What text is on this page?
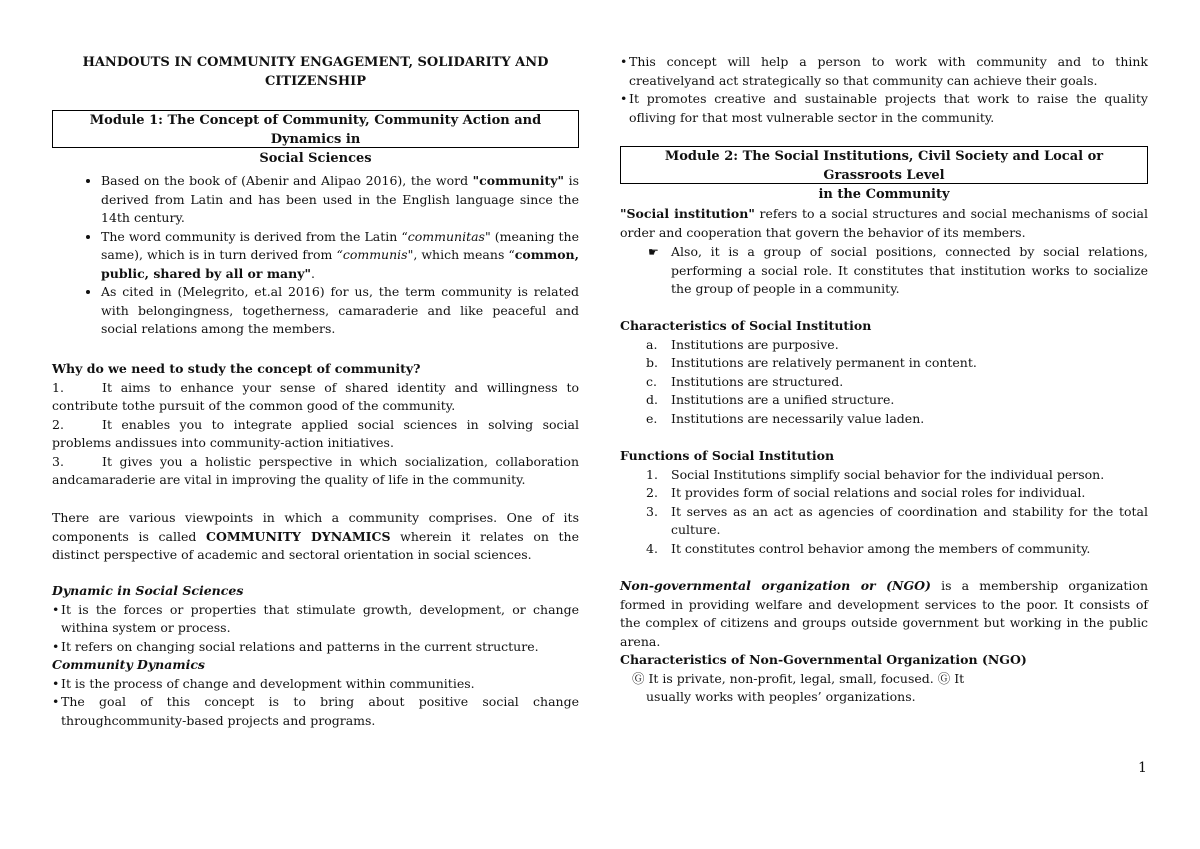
HANDOUTS IN COMMUNITY ENGAGEMENT, SOLIDARITY AND
CITIZENSHIP
Module 1: The Concept of Community, Community Action and Dynamics in
Social Sciences
• Based on the book of (Abenir and Alipao 2016), the word "community" is derived from Latin and has been used in the English language since the 14th century.
• The word community is derived from the Latin “communitas" (meaning the same), which is in turn derived from “communis", which means “common, public, shared by all or many".
• As cited in (Melegrito, et.al 2016) for us, the term community is related with belongingness, togetherness, camaraderie and like peaceful and social relations among the members.

Why do we need to study the concept of community?

1.	It aims to enhance your sense of shared identity and willingness to contribute tothe pursuit of the common good of the community.
2.	It enables you to integrate applied social sciences in solving social problems andissues into community-action initiatives.
3.	It gives you a holistic perspective in which socialization, collaboration andcamaraderie are vital in improving the quality of life in the community.

There are various viewpoints in which a community comprises. One of its components is called COMMUNITY DYNAMICS wherein it relates on the distinct perspective of academic and sectoral orientation in social sciences.

Dynamic in Social Sciences

• It is the forces or properties that stimulate growth, development, or change withina system or process.
• It refers on changing social relations and patterns in the current structure.

Community Dynamics

• It is the process of change and development within communities.
• The goal of this concept is to bring about positive social change throughcommunity-based projects and programs.
• This concept will help a person to work with community and to think creativelyand act strategically so that community can achieve their goals.
• It promotes creative and sustainable projects that work to raise the quality ofliving for that most vulnerable sector in the community.
Module 2: The Social Institutions, Civil Society and Local or Grassroots Level
in the Community

"Social institution" refers to a social structures and social mechanisms of social order and cooperation that govern the behavior of its members.

☛ Also, it is a group of social positions, connected by social relations, performing a social role. It constitutes that institution works to socialize the group of people in a community.

Characteristics of Social Institution

a. Institutions are purposive.
b. Institutions are relatively permanent in content.
c. Institutions are structured.
d. Institutions are a unified structure.
e. Institutions are necessarily value laden.

Functions of Social Institution

1. Social Institutions simplify social behavior for the individual person.
2. It provides form of social relations and social roles for individual.
3. It serves as an act as agencies of coordination and stability for the total culture.
4. It constitutes control behavior among the members of community.

Non-governmental organization or (NGO) is a membership organization formed in providing welfare and development services to the poor. It consists of the complex of citizens and groups outside government but working in the public arena.

Characteristics of Non-Governmental Organization (NGO)

Ⓖ It is private, non-profit, legal, small, focused. Ⓖ It

usually works with peoples’ organizations.

1
